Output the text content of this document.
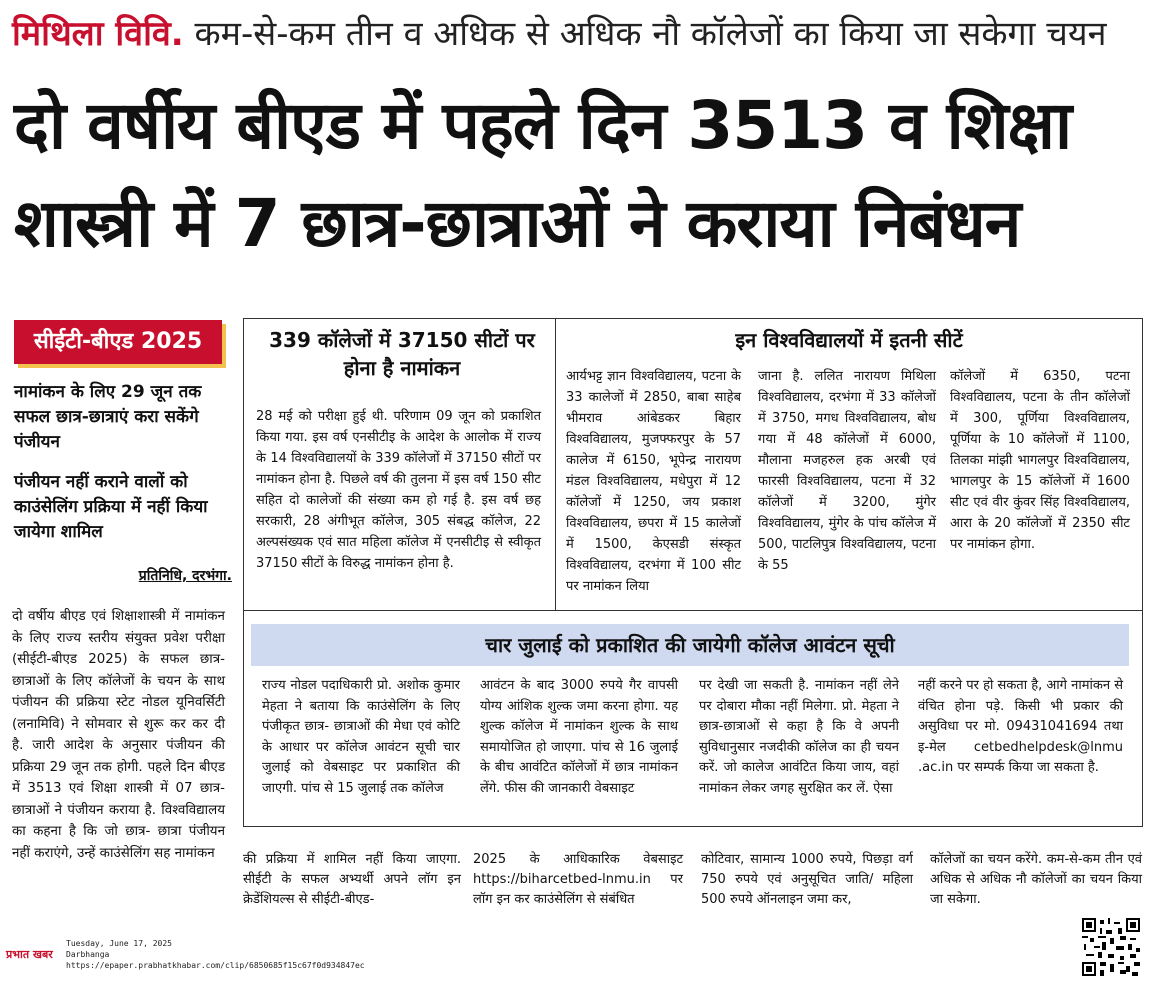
मिथिला विवि. कम-से-कम तीन व अधिक से अधिक नौ कॉलेजों का किया जा सकेगा चयन
दो वर्षीय बीएड में पहले दिन 3513 व शिक्षा
शास्त्री में 7 छात्र-छात्राओं ने कराया निबंधन
सीईटी-बीएड 2025
नामांकन के लिए 29 जून तक सफल छात्र-छात्राएं करा सकेंगे पंजीयन
पंजीयन नहीं कराने वालों को काउंसेलिंग प्रक्रिया में नहीं किया जायेगा शामिल
प्रतिनिधि, दरभंगा.
दो वर्षीय बीएड एवं शिक्षाशास्त्री में नामांकन के लिए राज्य स्तरीय संयुक्त प्रवेश परीक्षा (सीईटी-बीएड 2025) के सफल छात्र- छात्राओं के लिए कॉलेजों के चयन के साथ पंजीयन की प्रक्रिया स्टेट नोडल यूनिवर्सिटी (लनामिवि) ने सोमवार से शुरू कर कर दी है. जारी आदेश के अनुसार पंजीयन की प्रक्रिया 29 जून तक होगी. पहले दिन बीएड में 3513 एवं शिक्षा शास्त्री में 07 छात्र-छात्राओं ने पंजीयन कराया है. विश्वविद्यालय का कहना है कि जो छात्र- छात्रा पंजीयन नहीं कराएंगे, उन्हें काउंसेलिंग सह नामांकन
339 कॉलेजों में 37150 सीटों पर होना है नामांकन
28 मई को परीक्षा हुई थी. परिणाम 09 जून को प्रकाशित किया गया. इस वर्ष एनसीटीइ के आदेश के आलोक में राज्य के 14 विश्वविद्यालयों के 339 कॉलेजों में 37150 सीटों पर नामांकन होना है. पिछले वर्ष की तुलना में इस वर्ष 150 सीट सहित दो कालेजों की संख्या कम हो गई है. इस वर्ष छह सरकारी, 28 अंगीभूत कॉलेज, 305 संबद्ध कॉलेज, 22 अल्पसंख्यक एवं सात महिला कॉलेज में एनसीटीइ से स्वीकृत 37150 सीटों के विरुद्ध नामांकन होना है.
इन विश्वविद्यालयों में इतनी सीटें
आर्यभट्ट ज्ञान विश्वविद्यालय, पटना के 33 कालेजों में 2850, बाबा साहेब भीमराव आंबेडकर बिहार विश्वविद्यालय, मुजफ्फरपुर के 57 कालेज में 6150, भूपेन्द्र नारायण मंडल विश्वविद्यालय, मधेपुरा में 12 कॉलेजों में 1250, जय प्रकाश विश्वविद्यालय, छपरा में 15 कालेजों में 1500, केएसडी संस्कृत विश्वविद्यालय, दरभंगा में 100 सीट पर नामांकन लिया
जाना है. ललित नारायण मिथिला विश्वविद्यालय, दरभंगा में 33 कॉलेजों में 3750, मगध विश्वविद्यालय, बोध गया में 48 कॉलेजों में 6000, मौलाना मजहरुल हक अरबी एवं फारसी विश्वविद्यालय, पटना में 32 कॉलेजों में 3200, मुंगेर विश्वविद्यालय, मुंगेर के पांच कॉलेज में 500, पाटलिपुत्र विश्वविद्यालय, पटना के 55
कॉलेजों में 6350, पटना विश्वविद्यालय, पटना के तीन कॉलेजों में 300, पूर्णिया विश्वविद्यालय, पूर्णिया के 10 कॉलेजों में 1100, तिलका मांझी भागलपुर विश्वविद्यालय, भागलपुर के 15 कॉलेजों में 1600 सीट एवं वीर कुंवर सिंह विश्वविद्यालय, आरा के 20 कॉलेजों में 2350 सीट पर नामांकन होगा.
चार जुलाई को प्रकाशित की जायेगी कॉलेज आवंटन सूची
राज्य नोडल पदाधिकारी प्रो. अशोक कुमार मेहता ने बताया कि काउंसेलिंग के लिए पंजीकृत छात्र- छात्राओं की मेधा एवं कोटि के आधार पर कॉलेज आवंटन सूची चार जुलाई को वेबसाइट पर प्रकाशित की जाएगी. पांच से 15 जुलाई तक कॉलेज
आवंटन के बाद 3000 रुपये गैर वापसी योग्य आंशिक शुल्क जमा करना होगा. यह शुल्क कॉलेज में नामांकन शुल्क के साथ समायोजित हो जाएगा. पांच से 16 जुलाई के बीच आवंटित कॉलेजों में छात्र नामांकन लेंगे. फीस की जानकारी वेबसाइट
पर देखी जा सकती है. नामांकन नहीं लेने पर दोबारा मौका नहीं मिलेगा. प्रो. मेहता ने छात्र-छात्राओं से कहा है कि वे अपनी सुविधानुसार नजदीकी कॉलेज का ही चयन करें. जो कालेज आवंटित किया जाय, वहां नामांकन लेकर जगह सुरक्षित कर लें. ऐसा
नहीं करने पर हो सकता है, आगे नामांकन से वंचित होना पड़े. किसी भी प्रकार की असुविधा पर मो. 09431041694 तथा इ-मेल cetbedhelpdesk@lnmu .ac.in पर सम्पर्क किया जा सकता है.
की प्रक्रिया में शामिल नहीं किया जाएगा. सीईटी के सफल अभ्यर्थी अपने लॉग इन क्रेडेंशियल्स से सीईटी-बीएड-
2025 के आधिकारिक वेबसाइट https://biharcetbed-lnmu.in पर लॉग इन कर काउंसेलिंग से संबंधित
कोटिवार, सामान्य 1000 रुपये, पिछड़ा वर्ग 750 रुपये एवं अनुसूचित जाति/ महिला 500 रुपये ऑनलाइन जमा कर,
कॉलेजों का चयन करेंगे. कम-से-कम तीन एवं अधिक से अधिक नौ कॉलेजों का चयन किया जा सकेगा.
प्रभात खबर
Tuesday, June 17, 2025
Darbhanga
https://epaper.prabhatkhabar.com/clip/6850685f15c67f0d934847ec
